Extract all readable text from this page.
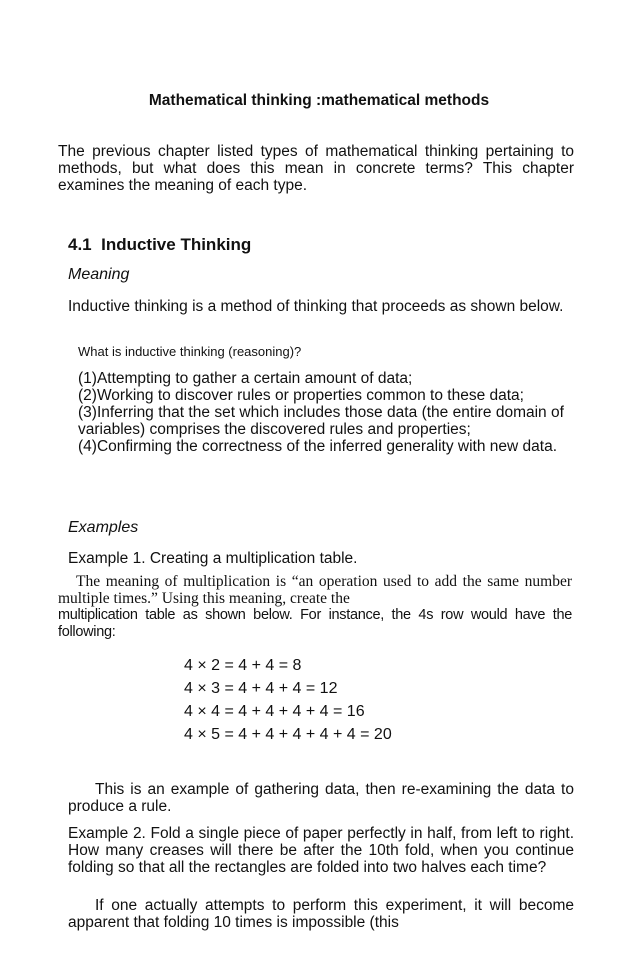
Mathematical thinking :mathematical methods
The previous chapter listed types of mathematical thinking pertaining to methods, but what does this mean in concrete terms? This chapter examines the meaning of each type.
4.1 Inductive Thinking
Meaning
Inductive thinking is a method of thinking that proceeds as shown below.
What is inductive thinking (reasoning)?
(1)Attempting to gather a certain amount of data;
(2)Working to discover rules or properties common to these data;
(3)Inferring that the set which includes those data (the entire domain of variables) comprises the discovered rules and properties;
(4)Confirming the correctness of the inferred generality with new data.
Examples
Example 1. Creating a multiplication table.
The meaning of multiplication is “an operation used to add the same number multiple times.” Using this meaning, create the
multiplication table as shown below. For instance, the 4s row would have the following:
4 × 2 = 4 + 4 = 8
4 × 3 = 4 + 4 + 4 = 12
4 × 4 = 4 + 4 + 4 + 4 = 16
4 × 5 = 4 + 4 + 4 + 4 + 4 = 20
This is an example of gathering data, then re-examining the data to produce a rule.
Example 2. Fold a single piece of paper perfectly in half, from left to right. How many creases will there be after the 10th fold, when you continue folding so that all the rectangles are folded into two halves each time?
If one actually attempts to perform this experiment, it will become apparent that folding 10 times is impossible (this
